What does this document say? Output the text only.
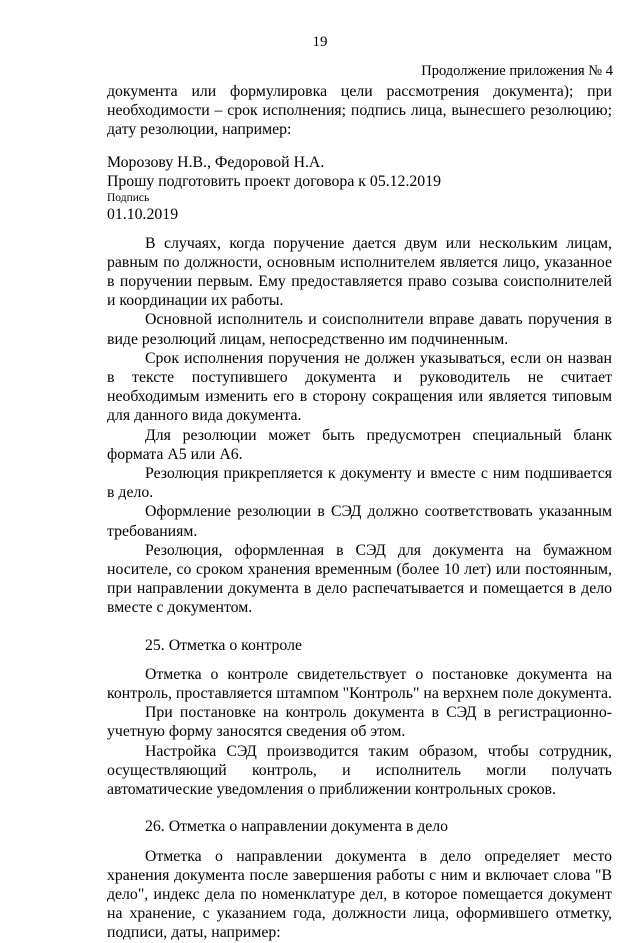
19
Продолжение приложения № 4

документа или формулировка цели рассмотрения документа); при необходимости – срок исполнения; подпись лица, вынесшего резолюцию; дату резолюции, например:

Морозову Н.В., Федоровой Н.А.
Прошу подготовить проект договора к 05.12.2019
Подпись
01.10.2019

В случаях, когда поручение дается двум или нескольким лицам, равным по должности, основным исполнителем является лицо, указанное в поручении первым. Ему предоставляется право созыва соисполнителей и координации их работы.

Основной исполнитель и соисполнители вправе давать поручения в виде резолюций лицам, непосредственно им подчиненным.

Срок исполнения поручения не должен указываться, если он назван в тексте поступившего документа и руководитель не считает необходимым изменить его в сторону сокращения или является типовым для данного вида документа.

Для резолюции может быть предусмотрен специальный бланк формата А5 или А6.

Резолюция прикрепляется к документу и вместе с ним подшивается в дело.

Оформление резолюции в СЭД должно соответствовать указанным требованиям.

Резолюция, оформленная в СЭД для документа на бумажном носителе, со сроком хранения временным (более 10 лет) или постоянным, при направлении документа в дело распечатывается и помещается в дело вместе с документом.

25. Отметка о контроле

Отметка о контроле свидетельствует о постановке документа на контроль, проставляется штампом "Контроль" на верхнем поле документа.

При постановке на контроль документа в СЭД в регистрационно-учетную форму заносятся сведения об этом.

Настройка СЭД производится таким образом, чтобы сотрудник, осуществляющий контроль, и исполнитель могли получать автоматические уведомления о приближении контрольных сроков.

26. Отметка о направлении документа в дело

Отметка о направлении документа в дело определяет место хранения документа после завершения работы с ним и включает слова "В дело", индекс дела по номенклатуре дел, в которое помещается документ на хранение, с указанием года, должности лица, оформившего отметку, подписи, даты, например:
